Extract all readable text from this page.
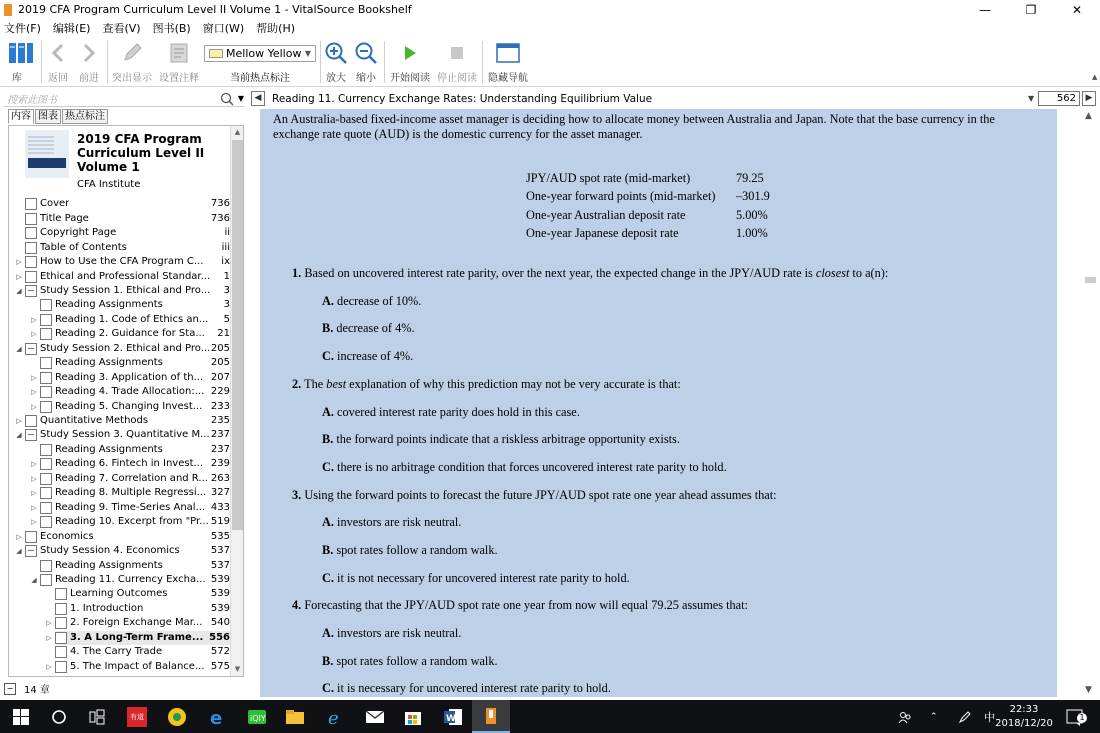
2019 CFA Program Curriculum Level II Volume 1 - VitalSource Bookshelf	—	❐	✕
文件(F) 编辑(E) 查看(V) 图书(B) 窗口(W) 帮助(H)
库	返回	前进	突出显示 设置注释
Mellow Yellow ▼
当前热点标注	放大	缩小	开始阅读 停止阅读 隐藏导航	▲
搜索此图书	▼
内容 图表 热点标注
2019 CFA Program Curriculum Level II Volume 1
CFA Institute
Cover	736
Title Page	736
Copyright Page	ii
Table of Contents	iii
▷ How to Use the CFA Program C... ix
▷ Ethical and Professional Standar... 1
◢ Study Session 1. Ethical and Pro... 3
Reading Assignments	3
▷ Reading 1. Code of Ethics an... 5
▷ Reading 2. Guidance for Sta... 21
◢ Study Session 2. Ethical and Pro... 205
Reading Assignments	205
▷ Reading 3. Application of th... 207
▷ Reading 4. Trade Allocation:... 229
▷ Reading 5. Changing Invest... 233
▷ Quantitative Methods	235
◢ Study Session 3. Quantitative M... 237
Reading Assignments	237
▷ Reading 6. Fintech in Invest... 239
▷ Reading 7. Correlation and R... 263
▷ Reading 8. Multiple Regressi... 327
▷ Reading 9. Time-Series Anal... 433
▷ Reading 10. Excerpt from "Pr... 519
▷ Economics	535
◢ Study Session 4. Economics	537
Reading Assignments	537
◢ Reading 11. Currency Excha... 539
Learning Outcomes	539
1. Introduction	539
▷ 2. Foreign Exchange Mar... 540
▷ 3. A Long-Term Frame... 556
4. The Carry Trade	572
▷ 5. The Impact of Balance... 575
▲
▼
− 14 章
◀	Reading 11. Currency Exchange Rates: Understanding Equilibrium Value	▼	562	▶

An Australia-based fixed-income asset manager is deciding how to allocate money between Australia and Japan. Note that the base currency in the
exchange rate quote (AUD) is the domestic currency for the asset manager.

JPY/AUD spot rate (mid-market)	79.25
One-year forward points (mid-market)	–301.9
One-year Australian deposit rate	5.00%
One-year Japanese deposit rate	1.00%

1. Based on uncovered interest rate parity, over the next year, the expected change in the JPY/AUD rate is closest to a(n):

A. decrease of 10%.

B. decrease of 4%.

C. increase of 4%.

2. The best explanation of why this prediction may not be very accurate is that:

A. covered interest rate parity does hold in this case.

B. the forward points indicate that a riskless arbitrage opportunity exists.

C. there is no arbitrage condition that forces uncovered interest rate parity to hold.

3. Using the forward points to forecast the future JPY/AUD spot rate one year ahead assumes that:

A. investors are risk neutral.

B. spot rates follow a random walk.

C. it is not necessary for uncovered interest rate parity to hold.

4. Forecasting that the JPY/AUD spot rate one year from now will equal 79.25 assumes that:

A. investors are risk neutral.

B. spot rates follow a random walk.

C. it is necessary for uncovered interest rate parity to hold.

▲
▼
有道	e	iQIY	e	W	⌃	中
22:33
2018/12/20
1
